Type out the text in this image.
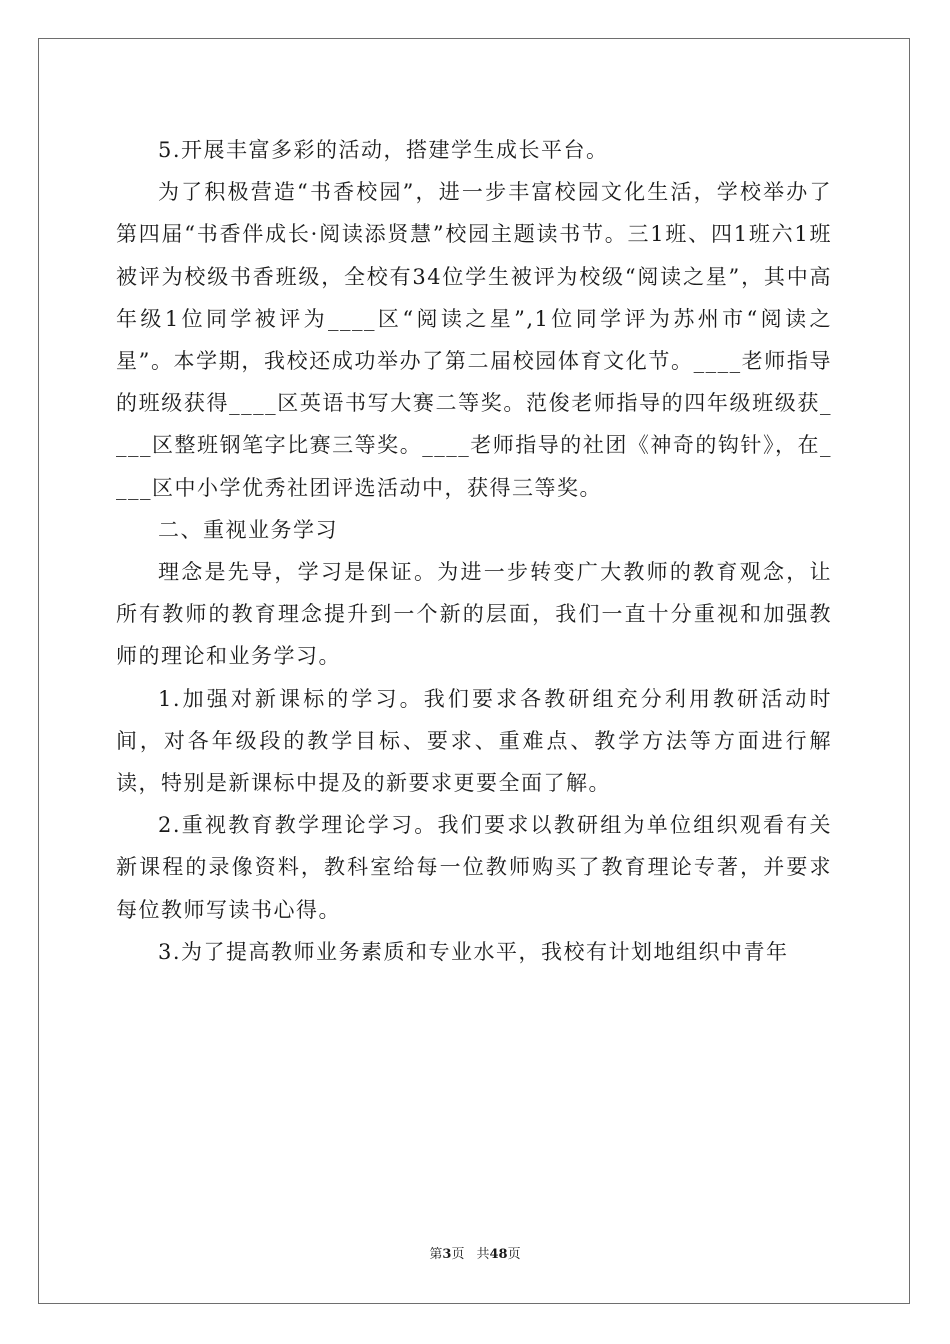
5.开展丰富多彩的活动，搭建学生成长平台。

为了积极营造“书香校园”，进一步丰富校园文化生活，学校举办了第四届“书香伴成长·阅读添贤慧”校园主题读书节。三1班、四1班六1班被评为校级书香班级，全校有34位学生被评为校级“阅读之星”，其中高年级1位同学被评为____区“阅读之星”,1位同学评为苏州市“阅读之星”。本学期，我校还成功举办了第二届校园体育文化节。____老师指导的班级获得____区英语书写大赛二等奖。范俊老师指导的四年级班级获____区整班钢笔字比赛三等奖。____老师指导的社团《神奇的钩针》，在____区中小学优秀社团评选活动中，获得三等奖。

二、重视业务学习

理念是先导，学习是保证。为进一步转变广大教师的教育观念，让所有教师的教育理念提升到一个新的层面，我们一直十分重视和加强教师的理论和业务学习。

1.加强对新课标的学习。我们要求各教研组充分利用教研活动时间，对各年级段的教学目标、要求、重难点、教学方法等方面进行解读，特别是新课标中提及的新要求更要全面了解。

2.重视教育教学理论学习。我们要求以教研组为单位组织观看有关新课程的录像资料，教科室给每一位教师购买了教育理论专著，并要求每位教师写读书心得。

3.为了提高教师业务素质和专业水平，我校有计划地组织中青年

第3页 共48页
